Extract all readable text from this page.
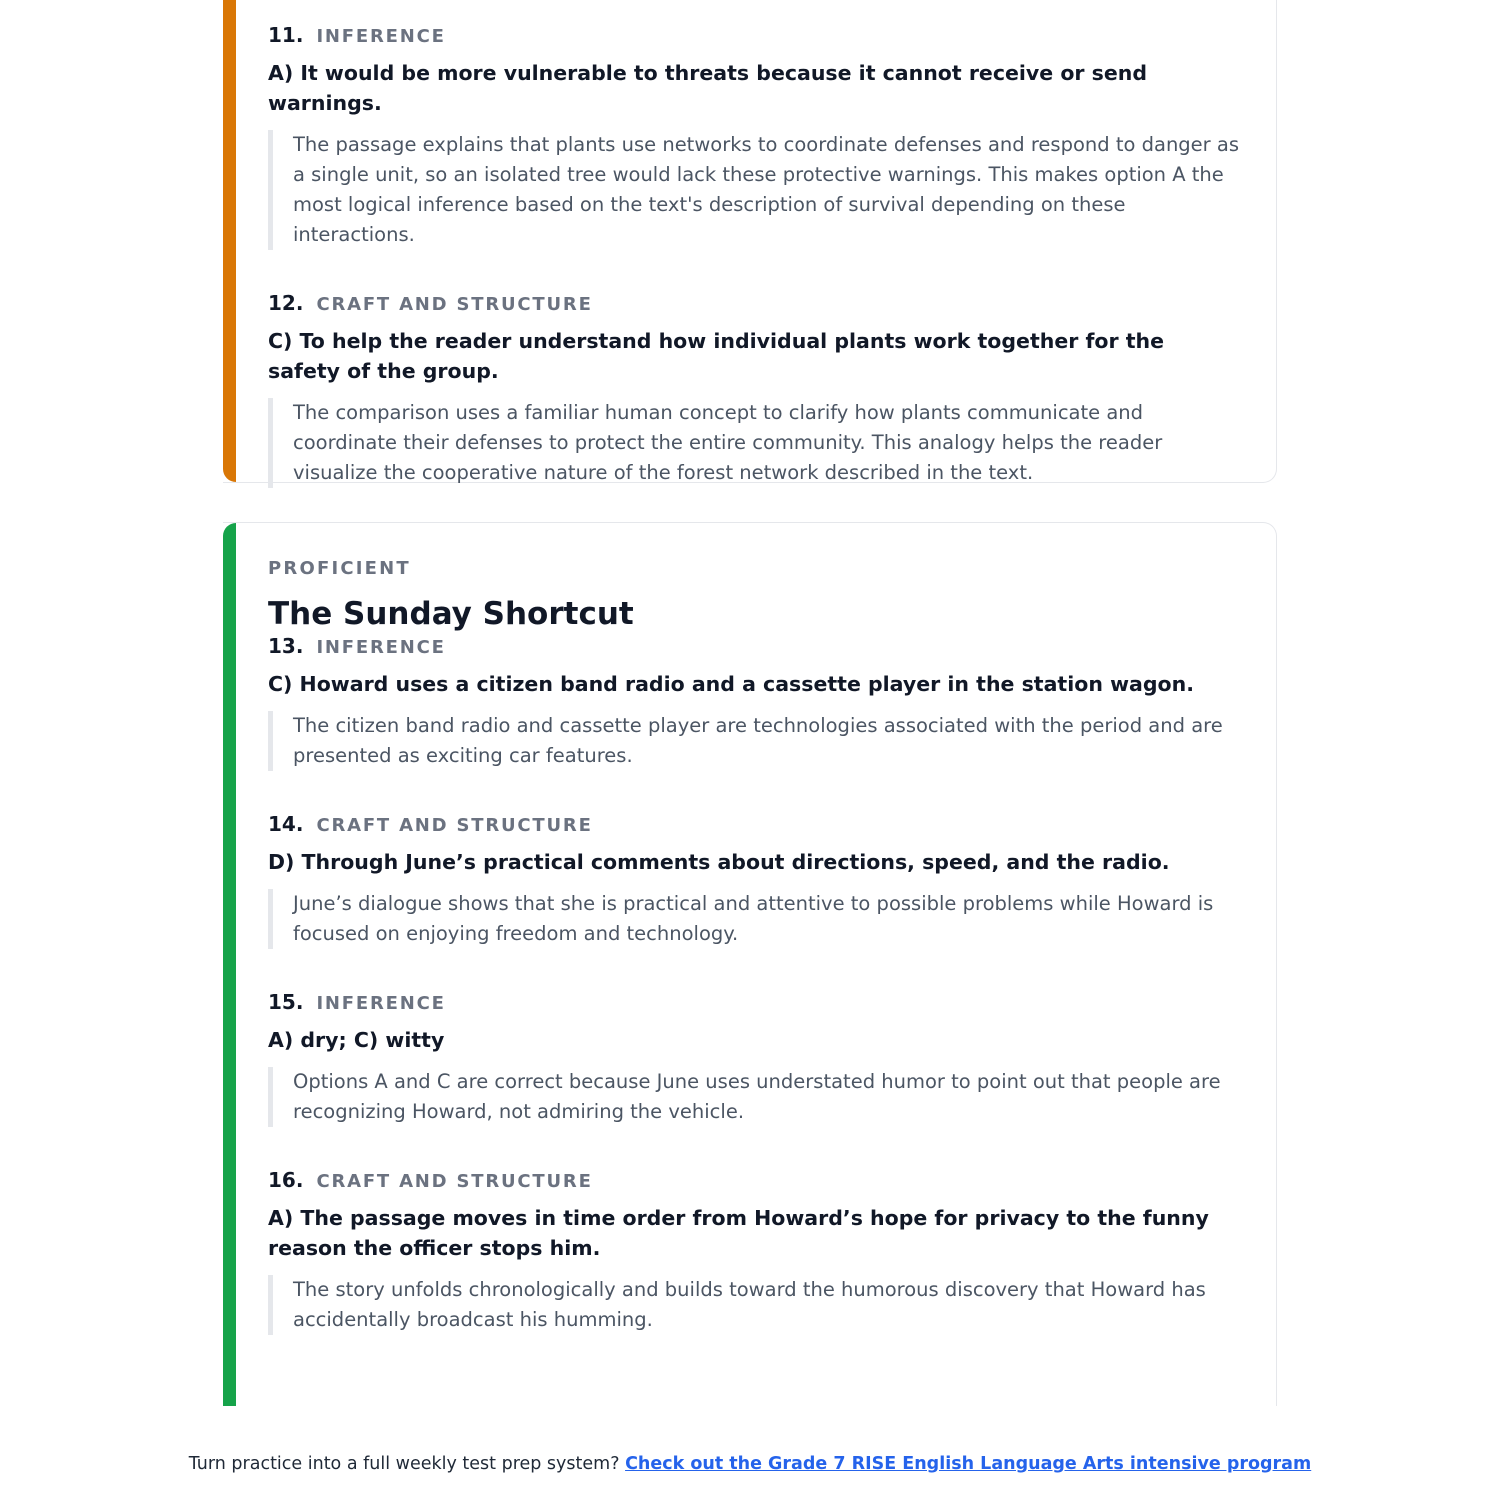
11. INFERENCE
A) It would be more vulnerable to threats because it cannot receive or send warnings.
The passage explains that plants use networks to coordinate defenses and respond to danger as a single unit, so an isolated tree would lack these protective warnings. This makes option A the most logical inference based on the text's description of survival depending on these interactions.
12. CRAFT AND STRUCTURE
C) To help the reader understand how individual plants work together for the safety of the group.
The comparison uses a familiar human concept to clarify how plants communicate and coordinate their defenses to protect the entire community. This analogy helps the reader visualize the cooperative nature of the forest network described in the text.
PROFICIENT
The Sunday Shortcut
13. INFERENCE
C) Howard uses a citizen band radio and a cassette player in the station wagon.
The citizen band radio and cassette player are technologies associated with the period and are presented as exciting car features.
14. CRAFT AND STRUCTURE
D) Through June’s practical comments about directions, speed, and the radio.
June’s dialogue shows that she is practical and attentive to possible problems while Howard is focused on enjoying freedom and technology.
15. INFERENCE
A) dry; C) witty
Options A and C are correct because June uses understated humor to point out that people are recognizing Howard, not admiring the vehicle.
16. CRAFT AND STRUCTURE
A) The passage moves in time order from Howard’s hope for privacy to the funny reason the officer stops him.
The story unfolds chronologically and builds toward the humorous discovery that Howard has accidentally broadcast his humming.
Turn practice into a full weekly test prep system? Check out the Grade 7 RISE English Language Arts intensive program
